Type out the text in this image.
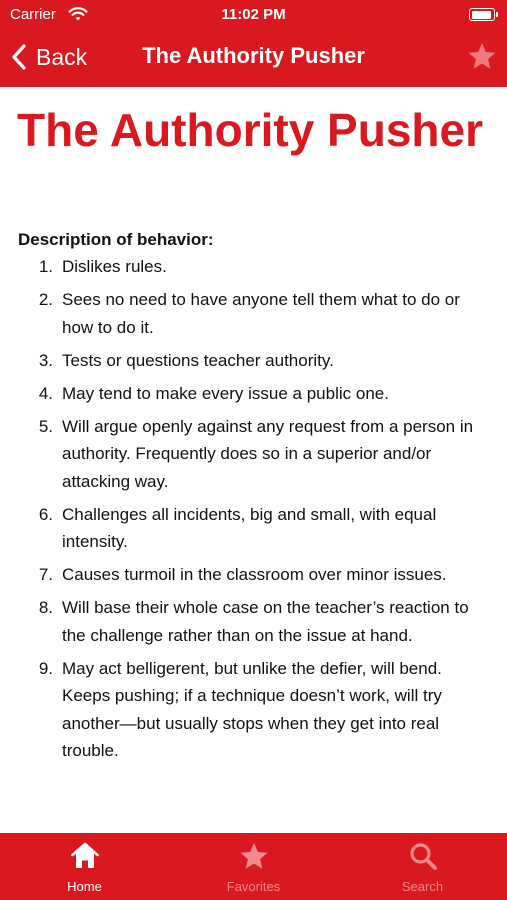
Carrier	11:02 PM
Back	The Authority Pusher
The Authority Pusher
Description of behavior:
1. Dislikes rules.
2. Sees no need to have anyone tell them what to do or how to do it.
3. Tests or questions teacher authority.
4. May tend to make every issue a public one.
5. Will argue openly against any request from a person in authority. Frequently does so in a superior and/or attacking way.
6. Challenges all incidents, big and small, with equal intensity.
7. Causes turmoil in the classroom over minor issues.
8. Will base their whole case on the teacher’s reaction to the challenge rather than on the issue at hand.
9. May act belligerent, but unlike the defier, will bend. Keeps pushing; if a technique doesn’t work, will try another—but usually stops when they get into real trouble.
Home	Favorites	Search
